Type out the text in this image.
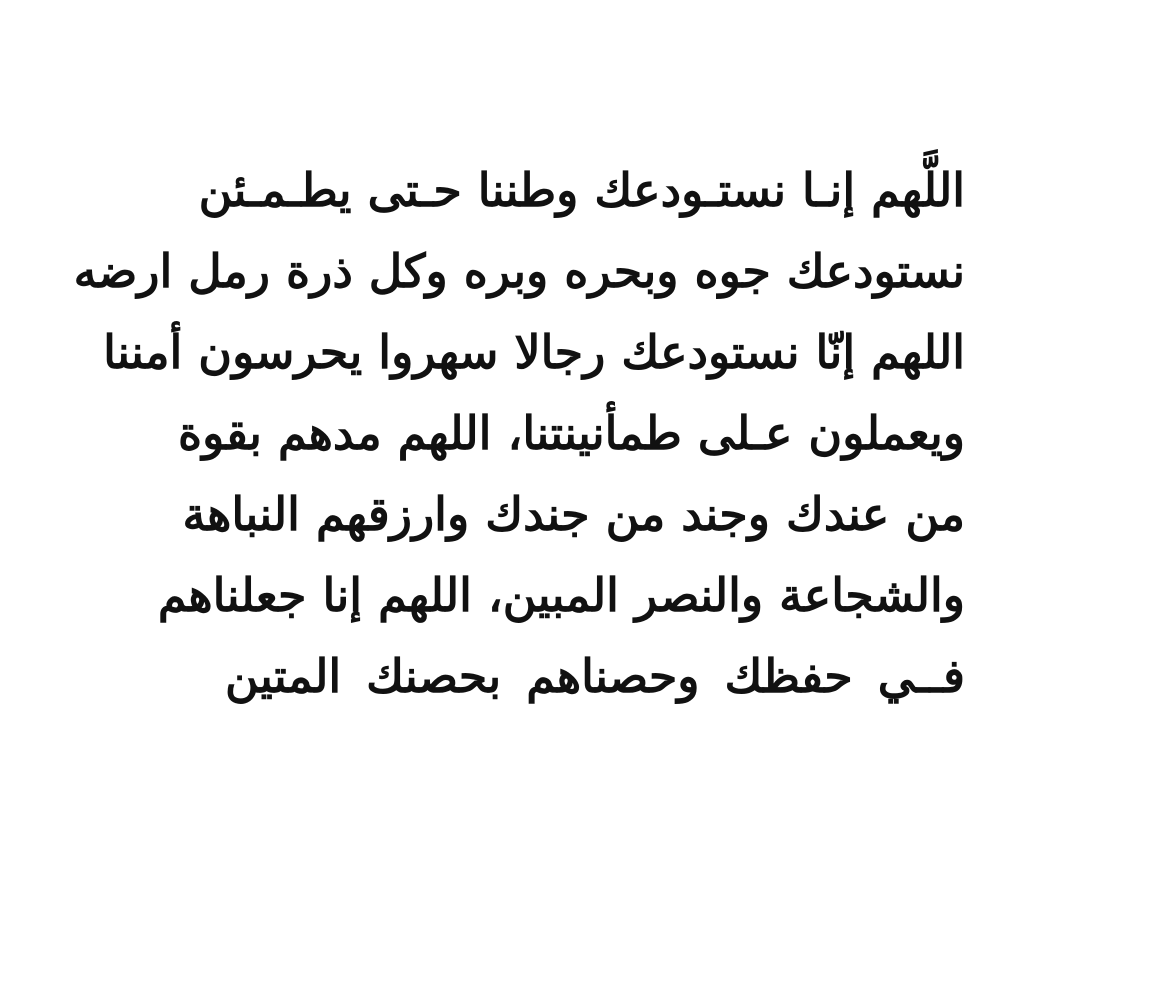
اللَّهم إنـا نستـودعك وطننا حـتى يطـمـئن
نستودعك جوه وبحره وبره وكل ذرة رمل ارضه
اللهم إنّا نستودعك رجالا سهروا يحرسون أمننا
ويعملون عـلى طمأنينتنا، اللهم مدهم بقوة
من عندك وجند من جندك وارزقهم النباهة
والشجاعة والنصر المبين، اللهم إنا جعلناهم
فــي حفظك وحصناهم بحصنك المتين
